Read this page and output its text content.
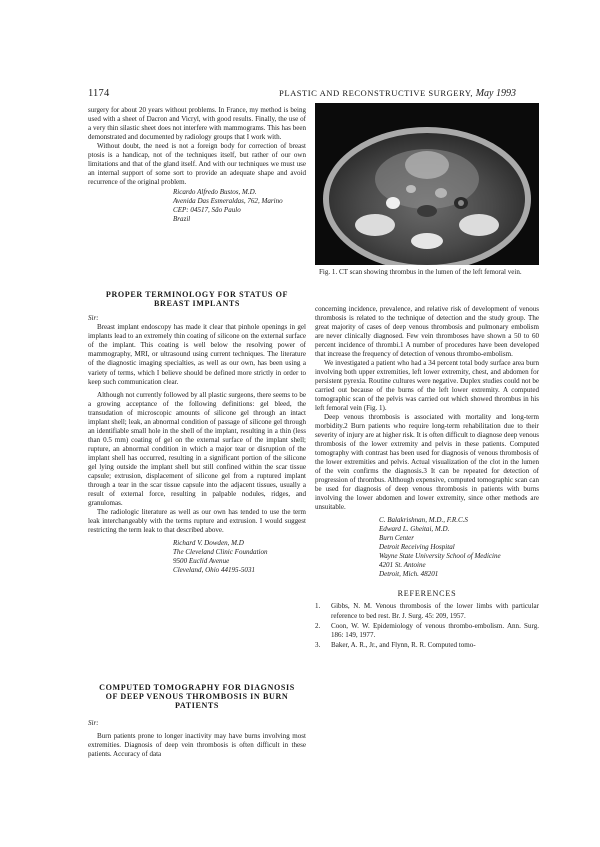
1174	PLASTIC AND RECONSTRUCTIVE SURGERY, May 1993

surgery for about 20 years without problems. In France, my method is being used with a sheet of Dacron and Vicryl, with good results. Finally, the use of a very thin silastic sheet does not interfere with mammograms. This has been demonstrated and documented by radiology groups that I work with.

Without doubt, the need is not a foreign body for correction of breast ptosis is a handicap, not of the techniques itself, but rather of our own limitations and that of the gland itself. And with our techniques we must use an internal support of some sort to provide an adequate shape and avoid recurrence of the original problem.

Ricardo Alfredo Bustos, M.D.
Avenida Das Esmeraldas, 762, Marino
CEP: 04517, São Paulo
Brazil
PROPER TERMINOLOGY FOR STATUS OF
BREAST IMPLANTS
Sir:

Breast implant endoscopy has made it clear that pinhole openings in gel implants lead to an extremely thin coating of silicone on the external surface of the implant. This coating is well below the resolving power of mammography, MRI, or ultrasound using current techniques. The literature of the diagnostic imaging specialties, as well as our own, has been using a variety of terms, which I believe should be defined more strictly in order to keep such communication clear.

Although not currently followed by all plastic surgeons, there seems to be a growing acceptance of the following definitions: gel bleed, the transudation of microscopic amounts of silicone gel through an intact implant shell; leak, an abnormal condition of passage of silicone gel through an identifiable small hole in the shell of the implant, resulting in a thin (less than 0.5 mm) coating of gel on the external surface of the implant shell; rupture, an abnormal condition in which a major tear or disruption of the implant shell has occurred, resulting in a significant portion of the silicone gel lying outside the implant shell but still confined within the scar tissue capsule; extrusion, displacement of silicone gel from a ruptured implant through a tear in the scar tissue capsule into the adjacent tissues, usually a result of external force, resulting in palpable nodules, ridges, and granulomas.

The radiologic literature as well as our own has tended to use the term leak interchangeably with the terms rupture and extrusion. I would suggest restricting the term leak to that described above.

Richard V. Dowden, M.D
The Cleveland Clinic Foundation
9500 Euclid Avenue
Cleveland, Ohio 44195-5031
COMPUTED TOMOGRAPHY FOR DIAGNOSIS
OF DEEP VENOUS THROMBOSIS IN BURN
PATIENTS
Sir:

Burn patients prone to longer inactivity may have burns involving most extremities. Diagnosis of deep vein thrombosis is often difficult in these patients. Accuracy of data

Fig. 1. CT scan showing thrombus in the lumen of the left femoral vein.

concerning incidence, prevalence, and relative risk of development of venous thrombosis is related to the technique of detection and the study group. The great majority of cases of deep venous thrombosis and pulmonary embolism are never clinically diagnosed. Few vein thromboses have shown a 50 to 60 percent incidence of thrombi.1 A number of procedures have been developed that increase the frequency of detection of venous thrombo-embolism.

We investigated a patient who had a 34 percent total body surface area burn involving both upper extremities, left lower extremity, chest, and abdomen for persistent pyrexia. Routine cultures were negative. Duplex studies could not be carried out because of the burns of the left lower extremity. A computed tomographic scan of the pelvis was carried out which showed thrombus in his left femoral vein (Fig. 1).

Deep venous thrombosis is associated with mortality and long-term morbidity.2 Burn patients who require long-term rehabilitation due to their severity of injury are at higher risk. It is often difficult to diagnose deep venous thrombosis of the lower extremity and pelvis in these patients. Computed tomography with contrast has been used for diagnosis of venous thrombosis of the lower extremities and pelvis. Actual visualization of the clot in the lumen of the vein confirms the diagnosis.3 It can be repeated for detection of progression of thrombus. Although expensive, computed tomographic scan can be used for diagnosis of deep venous thrombosis in patients with burns involving the lower abdomen and lower extremity, since other methods are unsuitable.

C. Balakrishnan, M.D., F.R.C.S
Edward L. Gheitai, M.D.
Burn Center
Detroit Receiving Hospital
Wayne State University School of Medicine
4201 St. Antoine
Detroit, Mich. 48201
REFERENCES
1.	Gibbs, N. M. Venous thrombosis of the lower limbs with particular reference to bed rest. Br. J. Surg. 45: 209, 1957.
2.	Coon, W. W. Epidemiology of venous thrombo-embolism. Ann. Surg. 186: 149, 1977.
3.	Baker, A. R., Jr., and Flynn, R. R. Computed tomo-
